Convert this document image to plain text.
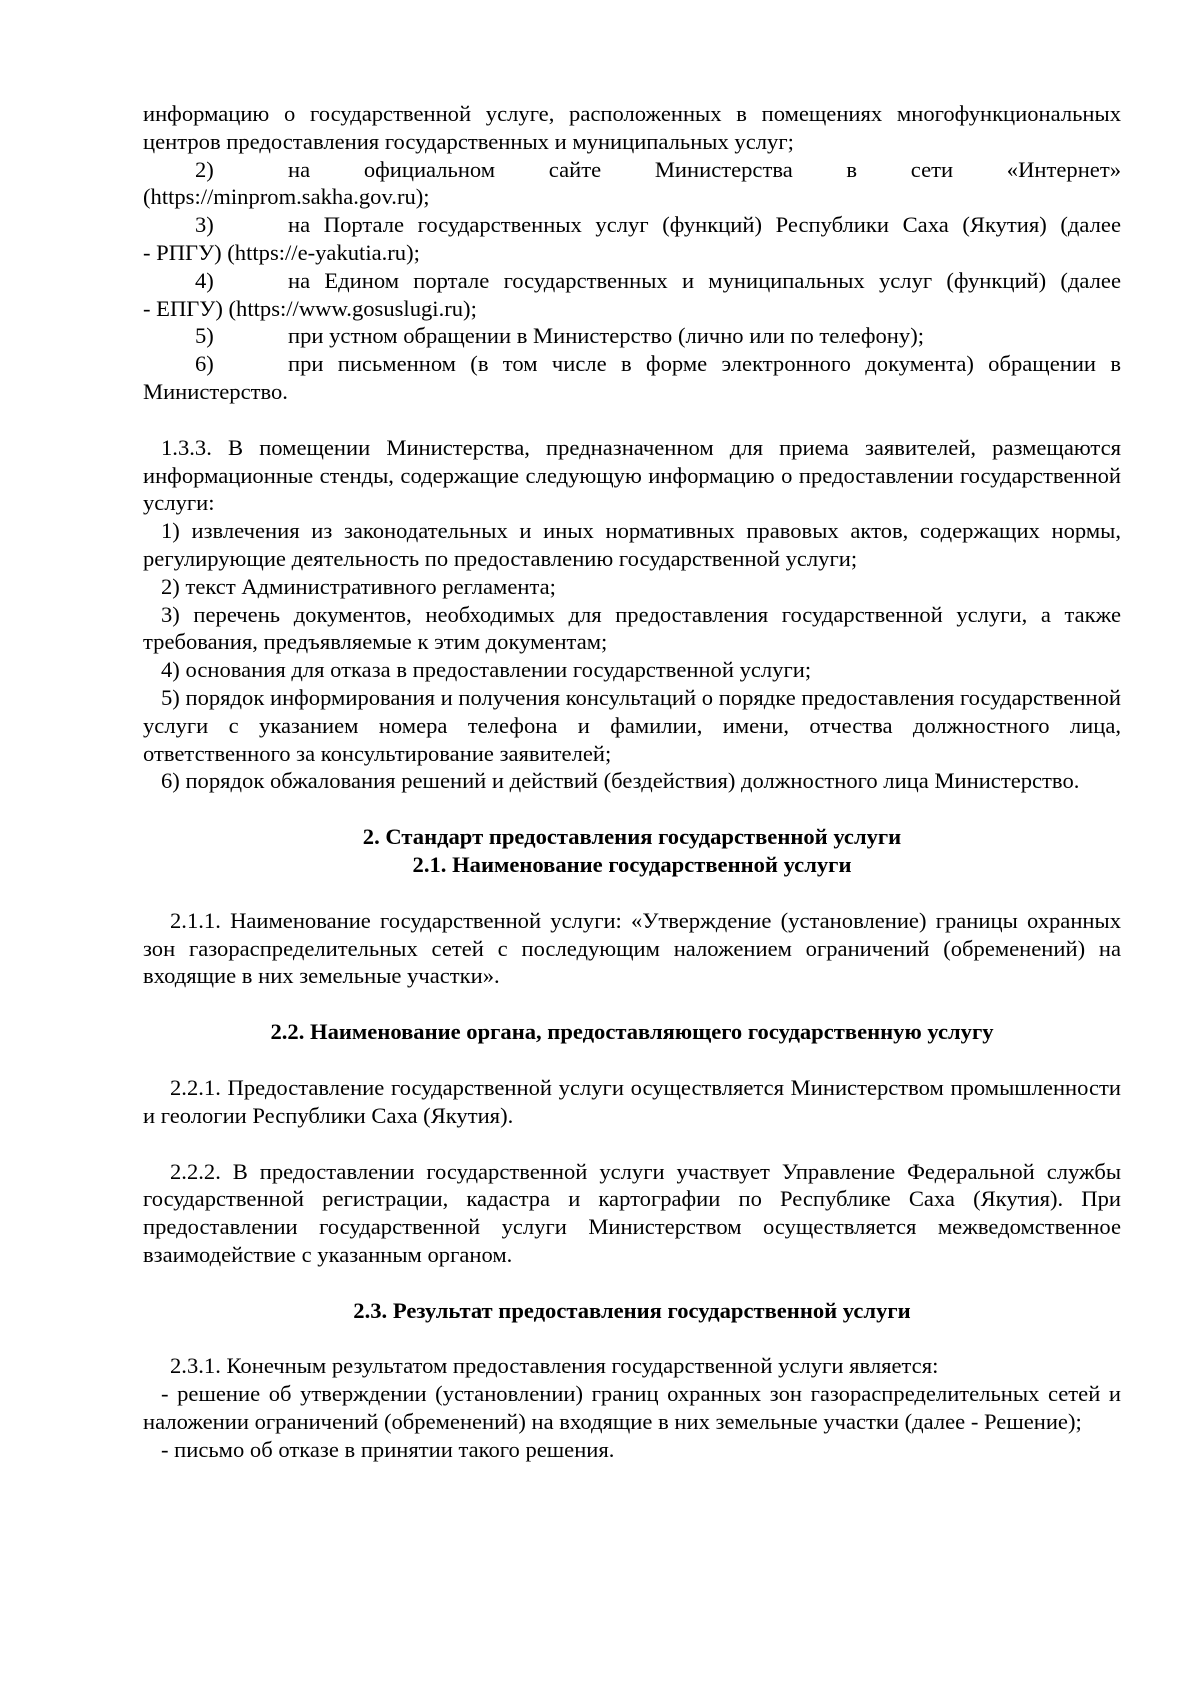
информацию о государственной услуге, расположенных в помещениях многофункциональных центров предоставления государственных и муниципальных услуг;

2)	на официальном сайте Министерства в сети «Интернет»

(https://minprom.sakha.gov.ru);

3)	на Портале государственных услуг (функций) Республики Саха (Якутия) (далее

- РПГУ) (https://e-yakutia.ru);

4)	на Едином портале государственных и муниципальных услуг (функций) (далее

- ЕПГУ) (https://www.gosuslugi.ru);

5)	при устном обращении в Министерство (лично или по телефону);
6)	при письменном (в том числе в форме электронного документа) обращении в

Министерство.

1.3.3. В помещении Министерства, предназначенном для приема заявителей, размещаются информационные стенды, содержащие следующую информацию о предоставлении государственной услуги:

1) извлечения из законодательных и иных нормативных правовых актов, содержащих нормы, регулирующие деятельность по предоставлению государственной услуги;

2) текст Административного регламента;

3) перечень документов, необходимых для предоставления государственной услуги, а также требования, предъявляемые к этим документам;

4) основания для отказа в предоставлении государственной услуги;

5) порядок информирования и получения консультаций о порядке предоставления государственной услуги с указанием номера телефона и фамилии, имени, отчества должностного лица, ответственного за консультирование заявителей;

6) порядок обжалования решений и действий (бездействия) должностного лица Министерство.

2. Стандарт предоставления государственной услуги

2.1. Наименование государственной услуги

2.1.1. Наименование государственной услуги: «Утверждение (установление) границы охранных зон газораспределительных сетей с последующим наложением ограничений (обременений) на входящие в них земельные участки».

2.2. Наименование органа, предоставляющего государственную услугу

2.2.1. Предоставление государственной услуги осуществляется Министерством промышленности и геологии Республики Саха (Якутия).

2.2.2. В предоставлении государственной услуги участвует Управление Федеральной службы государственной регистрации, кадастра и картографии по Республике Саха (Якутия). При предоставлении государственной услуги Министерством осуществляется межведомственное взаимодействие с указанным органом.

2.3. Результат предоставления государственной услуги

2.3.1. Конечным результатом предоставления государственной услуги является:

- решение об утверждении (установлении) границ охранных зон газораспределительных сетей и наложении ограничений (обременений) на входящие в них земельные участки (далее - Решение);

- письмо об отказе в принятии такого решения.
